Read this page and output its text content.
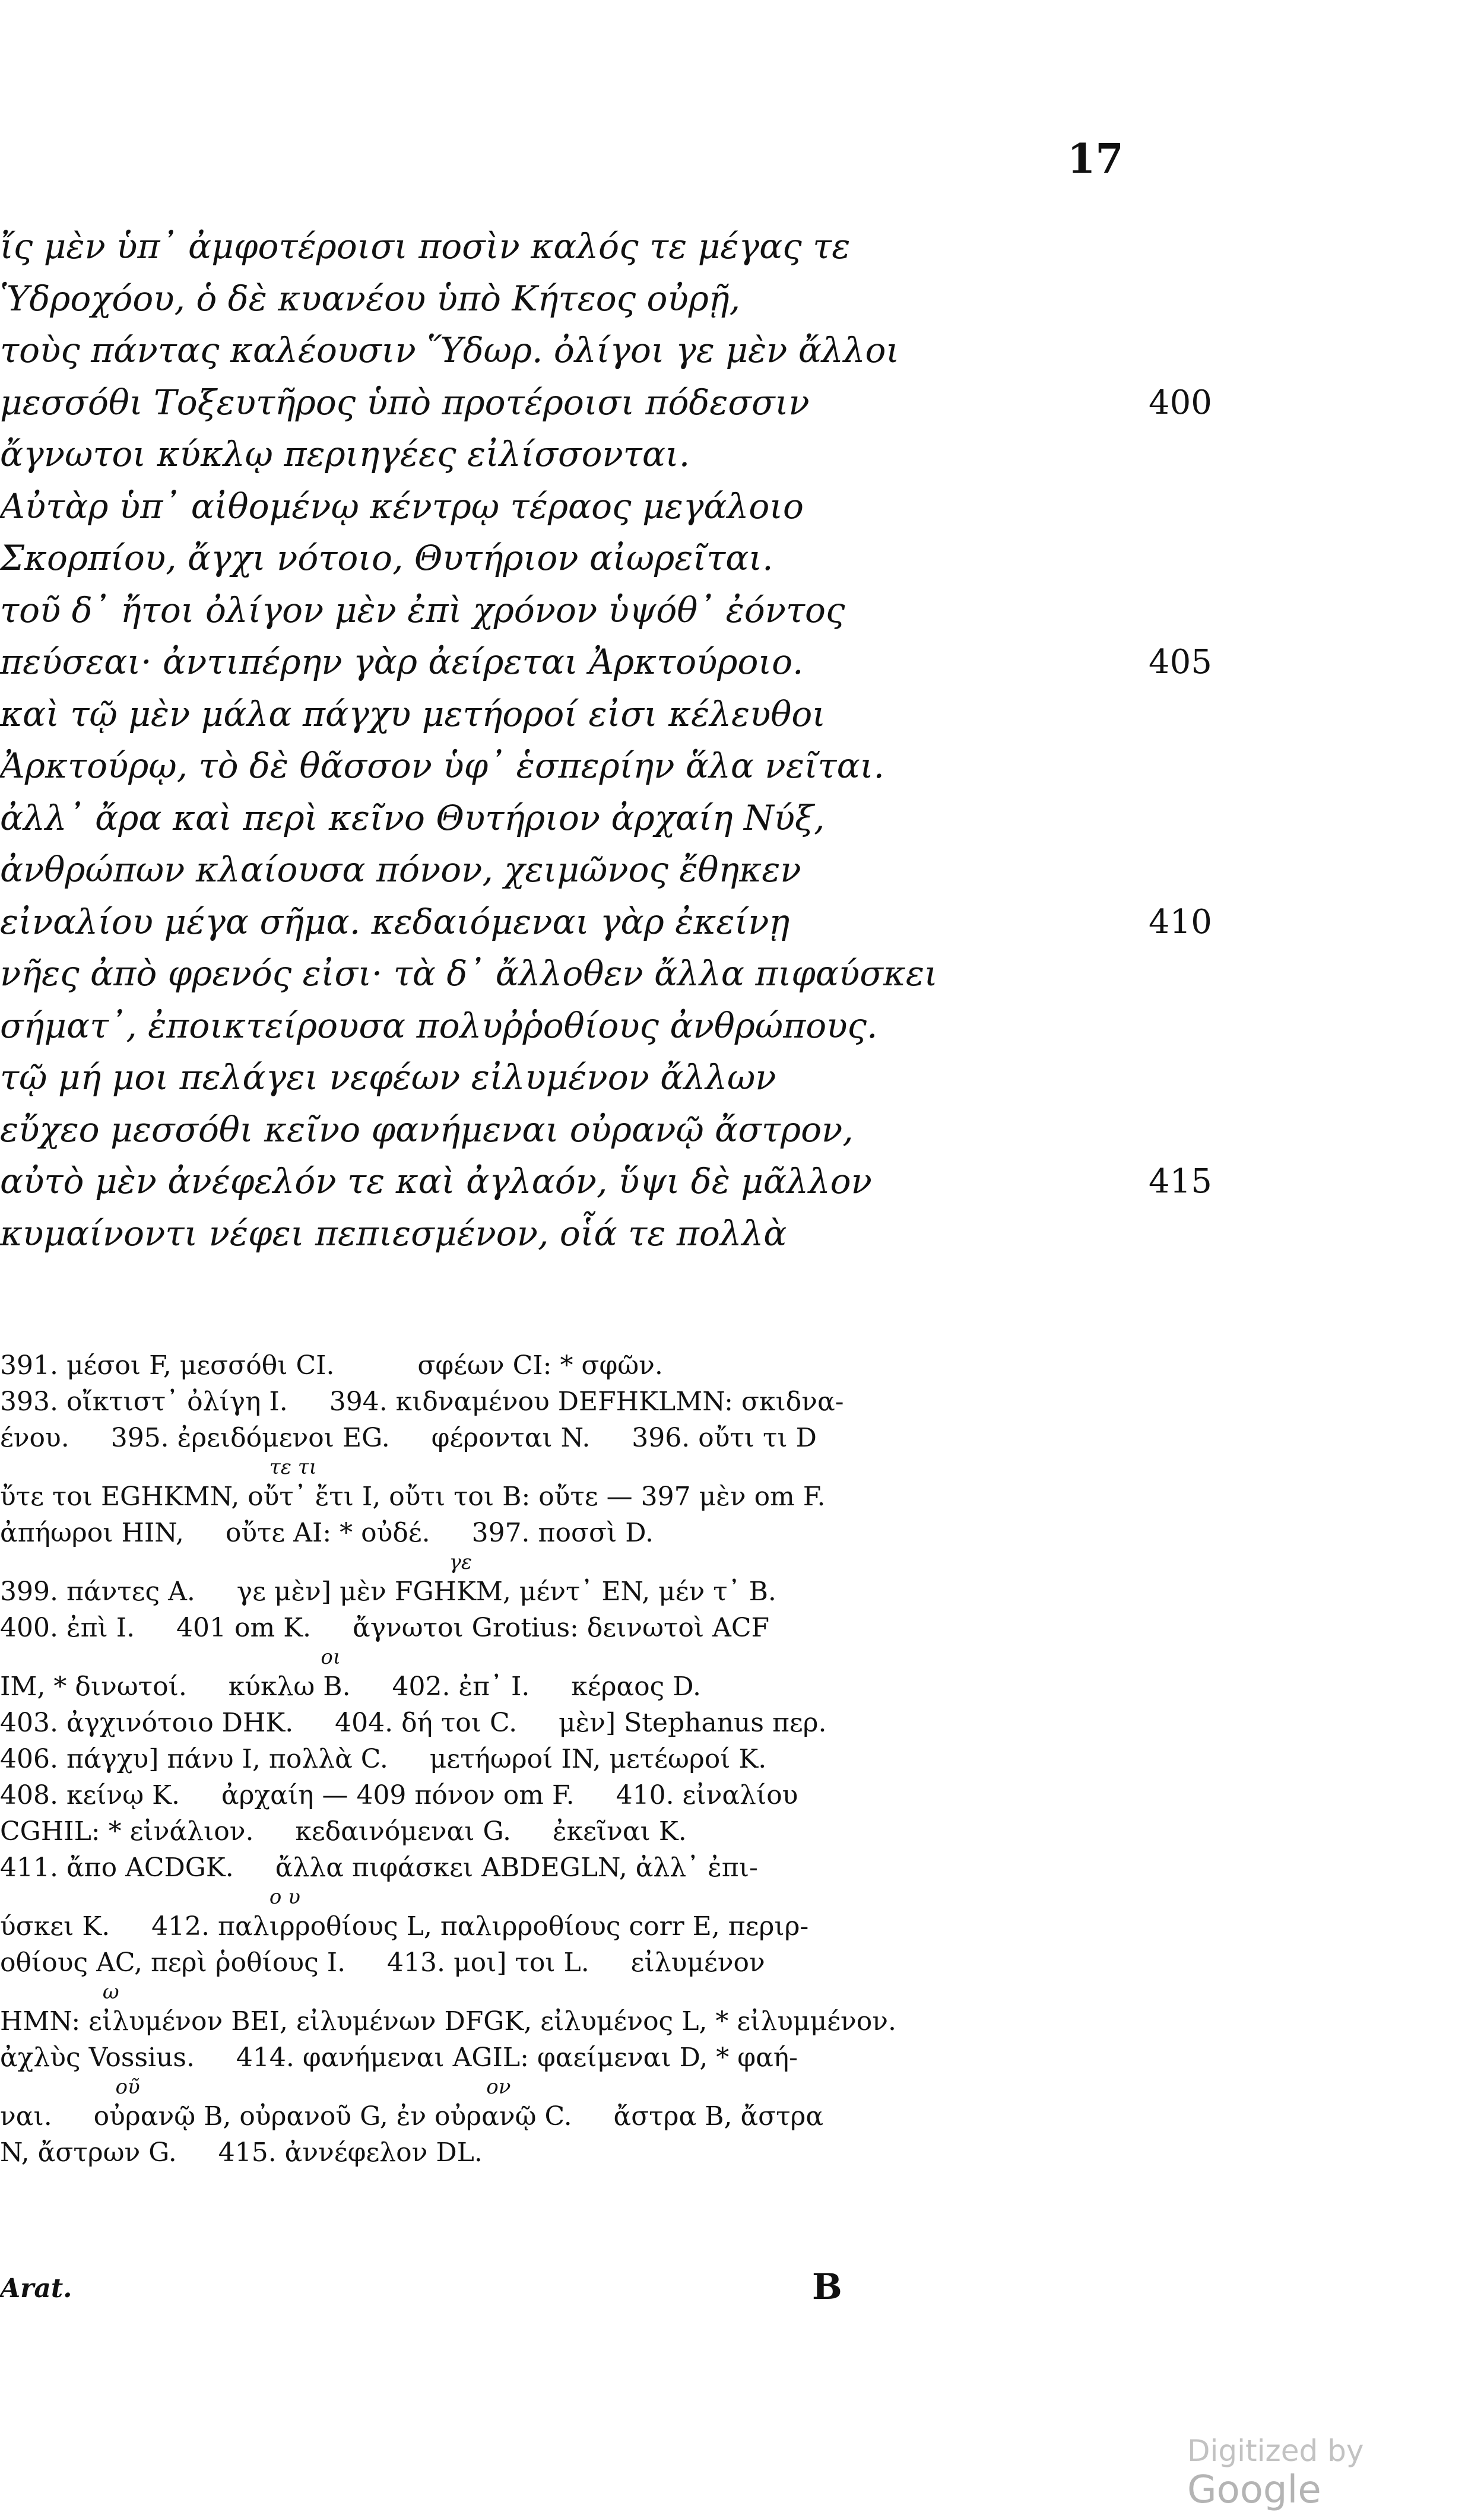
17
ἴς μὲν ὑπ᾽ ἀμφοτέροισι ποσὶν καλός τε μέγας τε
Ὑδροχόου, ὁ δὲ κυανέου ὑπὸ Κήτεος οὐρῇ,
τοὺς πάντας καλέουσιν Ὕδωρ. ὀλίγοι γε μὲν ἄλλοι
μεσσόθι Τοξευτῆρος ὑπὸ προτέροισι πόδεσσιν	400
ἄγνωτοι κύκλῳ περιηγέες εἰλίσσονται.
Αὐτὰρ ὑπ᾽ αἰθομένῳ κέντρῳ τέραος μεγάλοιο
Σκορπίου, ἄγχι νότοιο, Θυτήριον αἰωρεῖται.
τοῦ δ᾽ ἤτοι ὀλίγον μὲν ἐπὶ χρόνον ὑψόθ᾽ ἐόντος
πεύσεαι· ἀντιπέρην γὰρ ἀείρεται Ἀρκτούροιο.	405
καὶ τῷ μὲν μάλα πάγχυ μετήοροί εἰσι κέλευθοι
Ἀρκτούρῳ, τὸ δὲ θᾶσσον ὑφ᾽ ἑσπερίην ἅλα νεῖται.
ἀλλ᾽ ἄρα καὶ περὶ κεῖνο Θυτήριον ἀρχαίη Νύξ,
ἀνθρώπων κλαίουσα πόνον, χειμῶνος ἔθηκεν
εἰναλίου μέγα σῆμα. κεδαιόμεναι γὰρ ἐκείνῃ	410
νῆες ἀπὸ φρενός εἰσι· τὰ δ᾽ ἄλλοθεν ἄλλα πιφαύσκει
σήματ᾽, ἐποικτείρουσα πολυῤῥοθίους ἀνθρώπους.
τῷ μή μοι πελάγει νεφέων εἰλυμένον ἄλλων
εὔχεο μεσσόθι κεῖνο φανήμεναι οὐρανῷ ἄστρον,
αὐτὸ μὲν ἀνέφελόν τε καὶ ἀγλαόν, ὕψι δὲ μᾶλλον	415
κυμαίνοντι νέφει πεπιεσμένον, οἷά τε πολλὰ
391. μέσοι F, μεσσόθι CI.          σφέων CI: * σφῶν.
393. οἴκτιστ᾽ ὀλίγη I.     394. κιδναμένου DEFHKLMN: σκιδνα-
ένου.     395. ἐρειδόμενοι EG.     φέρονται N.     396. οὔτι τι D
τε τι
ὔτε τοι EGHKMN, οὔτ᾽ ἔτι I, οὔτι τοι B: οὔτε — 397 μὲν om F.
ἀπήωροι HIN,     οὔτε AI: * οὐδέ.     397. ποσσὶ D.
γε
399. πάντες A.     γε μὲν] μὲν FGHKM, μέντ᾽ EN, μέν τ᾽ B.
400. ἐπὶ I.     401 om K.     ἄγνωτοι Grotius: δεινωτοὶ ACF
οι
IM, * δινωτοί.     κύκλω B.     402. ἐπ᾽ I.     κέραος D.
403. ἀγχινότοιο DHK.     404. δή τοι C.     μὲν] Stephanus περ.
406. πάγχυ] πάνυ I, πολλὰ C.     μετήωροί IN, μετέωροί K.
408. κείνῳ K.     ἀρχαίη — 409 πόνον om F.     410. εἰναλίου
CGHIL: * εἰνάλιον.     κεδαινόμεναι G.     ἐκεῖναι K.
411. ἄπο ACDGK.     ἄλλα πιφάσκει ABDEGLN, ἀλλ᾽ ἐπι-
ο υ
ύσκει K.     412. παλιρροθίους L, παλιρροθίους corr E, περιρ-
οθίους AC, περὶ ῥοθίους I.     413. μοι] τοι L.     εἰλυμένον
ω
HMN: εἰλυμένον BEI, εἰλυμένων DFGK, εἰλυμένος L, * εἰλυμμένον.
ἀχλὺς Vossius.     414. φανήμεναι AGIL: φαείμεναι D, * φαή-
οῦ                                                      ον
ναι.     οὐρανῷ B, οὐρανοῦ G, ἐν οὐρανῷ C.     ἄστρα B, ἄστρα
N, ἄστρων G.     415. ἀννέφελον DL.
Arat.	B
Digitized by Google
